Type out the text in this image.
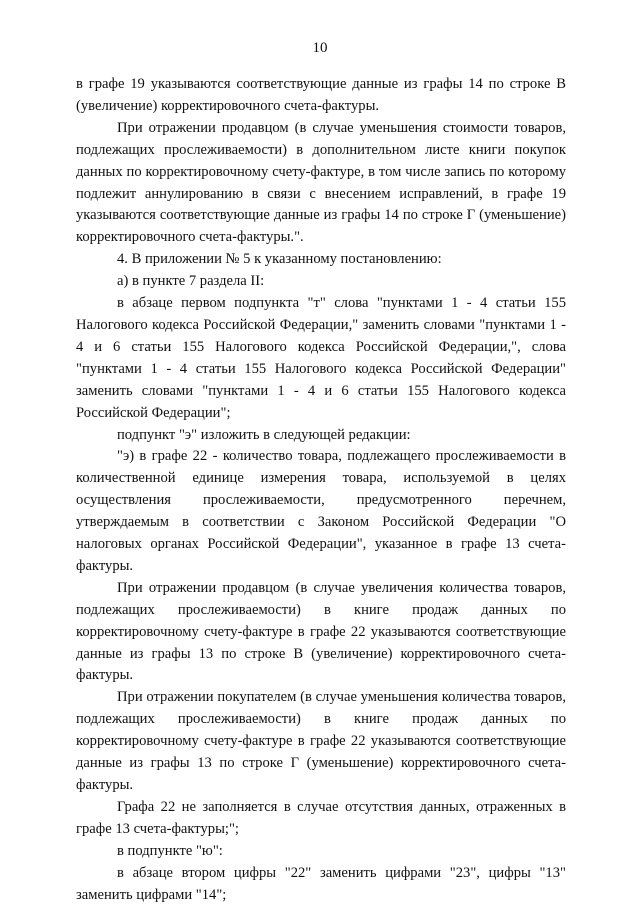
10

в графе 19 указываются соответствующие данные из графы 14 по строке В (увеличение) корректировочного счета-фактуры.

При отражении продавцом (в случае уменьшения стоимости товаров, подлежащих прослеживаемости) в дополнительном листе книги покупок данных по корректировочному счету-фактуре, в том числе запись по которому подлежит аннулированию в связи с внесением исправлений, в графе 19 указываются соответствующие данные из графы 14 по строке Г (уменьшение) корректировочного счета-фактуры.".

4. В приложении № 5 к указанному постановлению:

а) в пункте 7 раздела II:

в абзаце первом подпункта "т" слова "пунктами 1 - 4 статьи 155 Налогового кодекса Российской Федерации," заменить словами "пунктами 1 - 4 и 6 статьи 155 Налогового кодекса Российской Федерации,", слова "пунктами 1 - 4 статьи 155 Налогового кодекса Российской Федерации" заменить словами "пунктами 1 - 4 и 6 статьи 155 Налогового кодекса Российской Федерации";

подпункт "э" изложить в следующей редакции:

"э) в графе 22 - количество товара, подлежащего прослеживаемости в количественной единице измерения товара, используемой в целях осуществления прослеживаемости, предусмотренного перечнем, утверждаемым в соответствии с Законом Российской Федерации "О налоговых органах Российской Федерации", указанное в графе 13 счета-фактуры.

При отражении продавцом (в случае увеличения количества товаров, подлежащих прослеживаемости) в книге продаж данных по корректировочному счету-фактуре в графе 22 указываются соответствующие данные из графы 13 по строке В (увеличение) корректировочного счета-фактуры.

При отражении покупателем (в случае уменьшения количества товаров, подлежащих прослеживаемости) в книге продаж данных по корректировочному счету-фактуре в графе 22 указываются соответствующие данные из графы 13 по строке Г (уменьшение) корректировочного счета-фактуры.

Графа 22 не заполняется в случае отсутствия данных, отраженных в графе 13 счета-фактуры;";

в подпункте "ю":

в абзаце втором цифры "22" заменить цифрами "23", цифры "13" заменить цифрами "14";
